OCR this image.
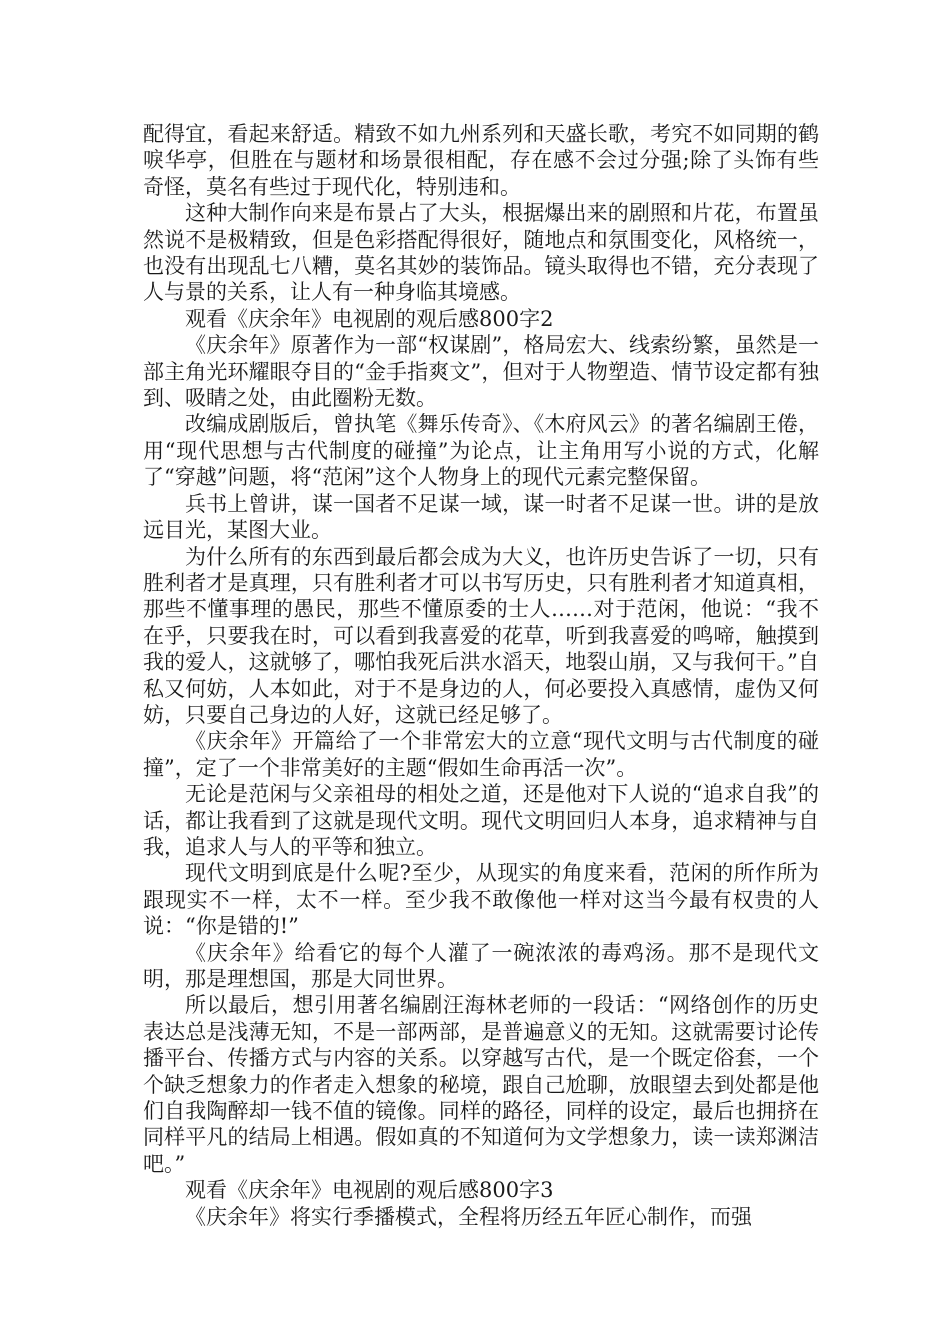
配得宜，看起来舒适。精致不如九州系列和天盛长歌，考究不如同期的鹤唳华亭，但胜在与题材和场景很相配，存在感不会过分强;除了头饰有些奇怪，莫名有些过于现代化，特别违和。

这种大制作向来是布景占了大头，根据爆出来的剧照和片花，布置虽然说不是极精致，但是色彩搭配得很好，随地点和氛围变化，风格统一，也没有出现乱七八糟，莫名其妙的装饰品。镜头取得也不错，充分表现了人与景的关系，让人有一种身临其境感。

观看《庆余年》电视剧的观后感800字2

《庆余年》原著作为一部“权谋剧”，格局宏大、线索纷繁，虽然是一部主角光环耀眼夺目的“金手指爽文”，但对于人物塑造、情节设定都有独到、吸睛之处，由此圈粉无数。

改编成剧版后，曾执笔《舞乐传奇》、《木府风云》的著名编剧王倦，用“现代思想与古代制度的碰撞”为论点，让主角用写小说的方式，化解了“穿越”问题，将“范闲”这个人物身上的现代元素完整保留。

兵书上曾讲，谋一国者不足谋一域，谋一时者不足谋一世。讲的是放远目光，某图大业。

为什么所有的东西到最后都会成为大义，也许历史告诉了一切，只有胜利者才是真理，只有胜利者才可以书写历史，只有胜利者才知道真相，那些不懂事理的愚民，那些不懂原委的士人……对于范闲，他说：“我不在乎，只要我在时，可以看到我喜爱的花草，听到我喜爱的鸣啼，触摸到我的爱人，这就够了，哪怕我死后洪水滔天，地裂山崩，又与我何干。”自私又何妨，人本如此，对于不是身边的人，何必要投入真感情，虚伪又何妨，只要自己身边的人好，这就已经足够了。

《庆余年》开篇给了一个非常宏大的立意“现代文明与古代制度的碰撞”，定了一个非常美好的主题“假如生命再活一次”。

无论是范闲与父亲祖母的相处之道，还是他对下人说的“追求自我”的话，都让我看到了这就是现代文明。现代文明回归人本身，追求精神与自我，追求人与人的平等和独立。

现代文明到底是什么呢?至少，从现实的角度来看，范闲的所作所为跟现实不一样，太不一样。至少我不敢像他一样对这当今最有权贵的人说：“你是错的!”

《庆余年》给看它的每个人灌了一碗浓浓的毒鸡汤。那不是现代文明，那是理想国，那是大同世界。

所以最后，想引用著名编剧汪海林老师的一段话：“网络创作的历史表达总是浅薄无知，不是一部两部，是普遍意义的无知。这就需要讨论传播平台、传播方式与内容的关系。以穿越写古代，是一个既定俗套，一个个缺乏想象力的作者走入想象的秘境，跟自己尬聊，放眼望去到处都是他们自我陶醉却一钱不值的镜像。同样的路径，同样的设定，最后也拥挤在同样平凡的结局上相遇。假如真的不知道何为文学想象力，读一读郑渊洁吧。”

观看《庆余年》电视剧的观后感800字3

《庆余年》将实行季播模式，全程将历经五年匠心制作，而强
